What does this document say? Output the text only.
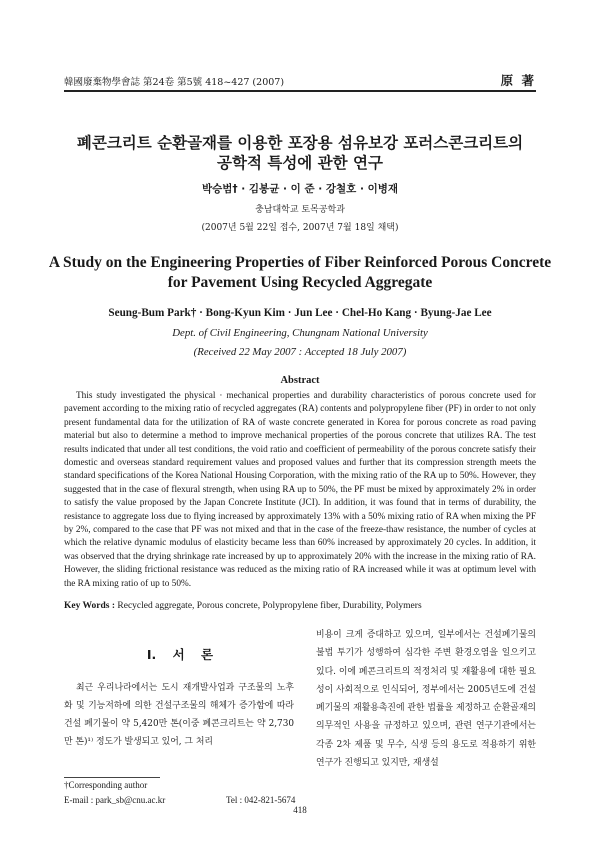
韓國廢棄物學會誌 第24卷 第5號 418~427 (2007)	原 著
폐콘크리트 순환골재를 이용한 포장용 섬유보강 포러스콘크리트의
공학적 특성에 관한 연구
박승범† · 김봉균 · 이 준 · 강철호 · 이병재
충남대학교 토목공학과
(2007년 5월 22일 접수, 2007년 7월 18일 채택)
A Study on the Engineering Properties of Fiber Reinforced Porous Concrete
for Pavement Using Recycled Aggregate
Seung-Bum Park† · Bong-Kyun Kim · Jun Lee · Chel-Ho Kang · Byung-Jae Lee
Dept. of Civil Engineering, Chungnam National University
(Received 22 May 2007 : Accepted 18 July 2007)
Abstract

This study investigated the physical · mechanical properties and durability characteristics of porous concrete used for pavement according to the mixing ratio of recycled aggregates (RA) contents and polypropylene fiber (PF) in order to not only present fundamental data for the utilization of RA of waste concrete generated in Korea for porous concrete as road paving material but also to determine a method to improve mechanical properties of the porous concrete that utilizes RA. The test results indicated that under all test conditions, the void ratio and coefficient of permeability of the porous concrete satisfy their domestic and overseas standard requirement values and proposed values and further that its compression strength meets the standard specifications of the Korea National Housing Corporation, with the mixing ratio of the RA up to 50%. However, they suggested that in the case of flexural strength, when using RA up to 50%, the PF must be mixed by approximately 2% in order to satisfy the value proposed by the Japan Concrete Institute (JCI). In addition, it was found that in terms of durability, the resistance to aggregate loss due to flying increased by approximately 13% with a 50% mixing ratio of RA when mixing the PF by 2%, compared to the case that PF was not mixed and that in the case of the freeze-thaw resistance, the number of cycles at which the relative dynamic modulus of elasticity became less than 60% increased by approximately 20 cycles. In addition, it was observed that the drying shrinkage rate increased by up to approximately 20% with the increase in the mixing ratio of RA. However, the sliding frictional resistance was reduced as the mixing ratio of RA increased while it was at optimum level with the RA mixing ratio of up to 50%.

Key Words : Recycled aggregate, Porous concrete, Polypropylene fiber, Durability, Polymers
I. 서 론

최근 우리나라에서는 도시 재개발사업과 구조물의 노후화 및 기능저하에 의한 건설구조물의 해체가 증가함에 따라 건설 폐기물이 약 5,420만 톤(이중 폐콘크리트는 약 2,730만 톤)¹⁾ 정도가 발생되고 있어, 그 처리

비용이 크게 증대하고 있으며, 일부에서는 건설폐기물의 불법 투기가 성행하여 심각한 주변 환경오염을 일으키고 있다. 이에 폐콘크리트의 적정처리 및 재활용에 대한 필요성이 사회적으로 인식되어, 정부에서는 2005년도에 건설폐기물의 재활용촉진에 관한 법률을 제정하고 순환골재의 의무적인 사용을 규정하고 있으며, 관련 연구기관에서는 각종 2차 제품 및 무수, 식생 등의 용도로 적용하기 위한 연구가 진행되고 있지만, 재생설

†Corresponding author
E-mail : park_sb@cnu.ac.kr	Tel : 042-821-5674
418
